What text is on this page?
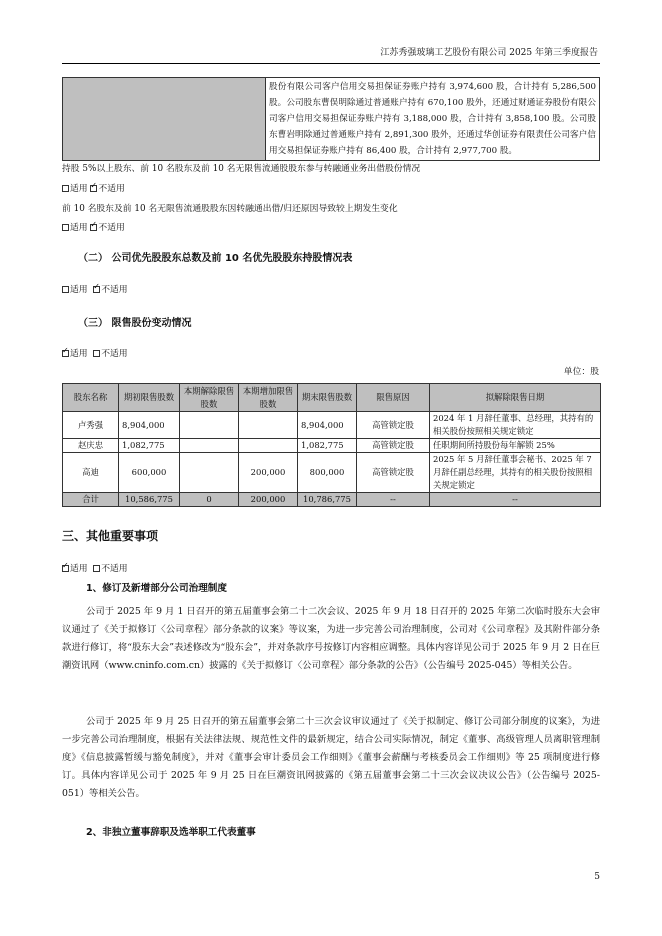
江苏秀强玻璃工艺股份有限公司 2025 年第三季度报告
	股份有限公司客户信用交易担保证券账户持有 3,974,600 股，合计持有 5,286,500 股。公司股东曹俣明除通过普通账户持有 670,100 股外，还通过财通证券股份有限公司客户信用交易担保证券账户持有 3,188,000 股，合计持有 3,858,100 股。公司股东曹岩明除通过普通账户持有 2,891,300 股外，还通过华创证券有限责任公司客户信用交易担保证券账户持有 86,400 股，合计持有 2,977,700 股。
持股 5%以上股东、前 10 名股东及前 10 名无限售流通股股东参与转融通业务出借股份情况
适用 ✓ 不适用
前 10 名股东及前 10 名无限售流通股股东因转融通出借/归还原因导致较上期发生变化
适用 ✓ 不适用
（二） 公司优先股股东总数及前 10 名优先股股东持股情况表
适用 ✓ 不适用
（三） 限售股份变动情况
✓适用 不适用
单位：股
股东名称	期初限售股数	本期解除限售股数	本期增加限售股数	期末限售股数	限售原因	拟解除限售日期
卢秀强	8,904,000			8,904,000	高管锁定股	2024 年 1 月辞任董事、总经理，其持有的相关股份按照相关规定锁定
赵庆忠	1,082,775			1,082,775	高管锁定股	任职期间所持股份每年解锁 25%
高迪	600,000		200,000	800,000	高管锁定股	2025 年 5 月辞任董事会秘书、2025 年 7 月辞任副总经理，其持有的相关股份按照相关规定锁定
合计	10,586,775	0	200,000	10,786,775	--	--
三、其他重要事项
✓适用 不适用
1、修订及新增部分公司治理制度
公司于 2025 年 9 月 1 日召开的第五届董事会第二十二次会议、2025 年 9 月 18 日召开的 2025 年第二次临时股东大会审议通过了《关于拟修订〈公司章程〉部分条款的议案》等议案，为进一步完善公司治理制度，公司对《公司章程》及其附件部分条款进行修订，将“股东大会”表述修改为“股东会”，并对条款序号按修订内容相应调整。具体内容详见公司于 2025 年 9 月 2 日在巨潮资讯网（www.cninfo.com.cn）披露的《关于拟修订〈公司章程〉部分条款的公告》（公告编号 2025-045）等相关公告。
公司于 2025 年 9 月 25 日召开的第五届董事会第二十三次会议审议通过了《关于拟制定、修订公司部分制度的议案》，为进一步完善公司治理制度，根据有关法律法规、规范性文件的最新规定，结合公司实际情况，制定《董事、高级管理人员离职管理制度》《信息披露暂缓与豁免制度》，并对《董事会审计委员会工作细则》《董事会薪酬与考核委员会工作细则》等 25 项制度进行修订。具体内容详见公司于 2025 年 9 月 25 日在巨潮资讯网披露的《第五届董事会第二十三次会议决议公告》（公告编号 2025-051）等相关公告。
2、非独立董事辞职及选举职工代表董事
5
